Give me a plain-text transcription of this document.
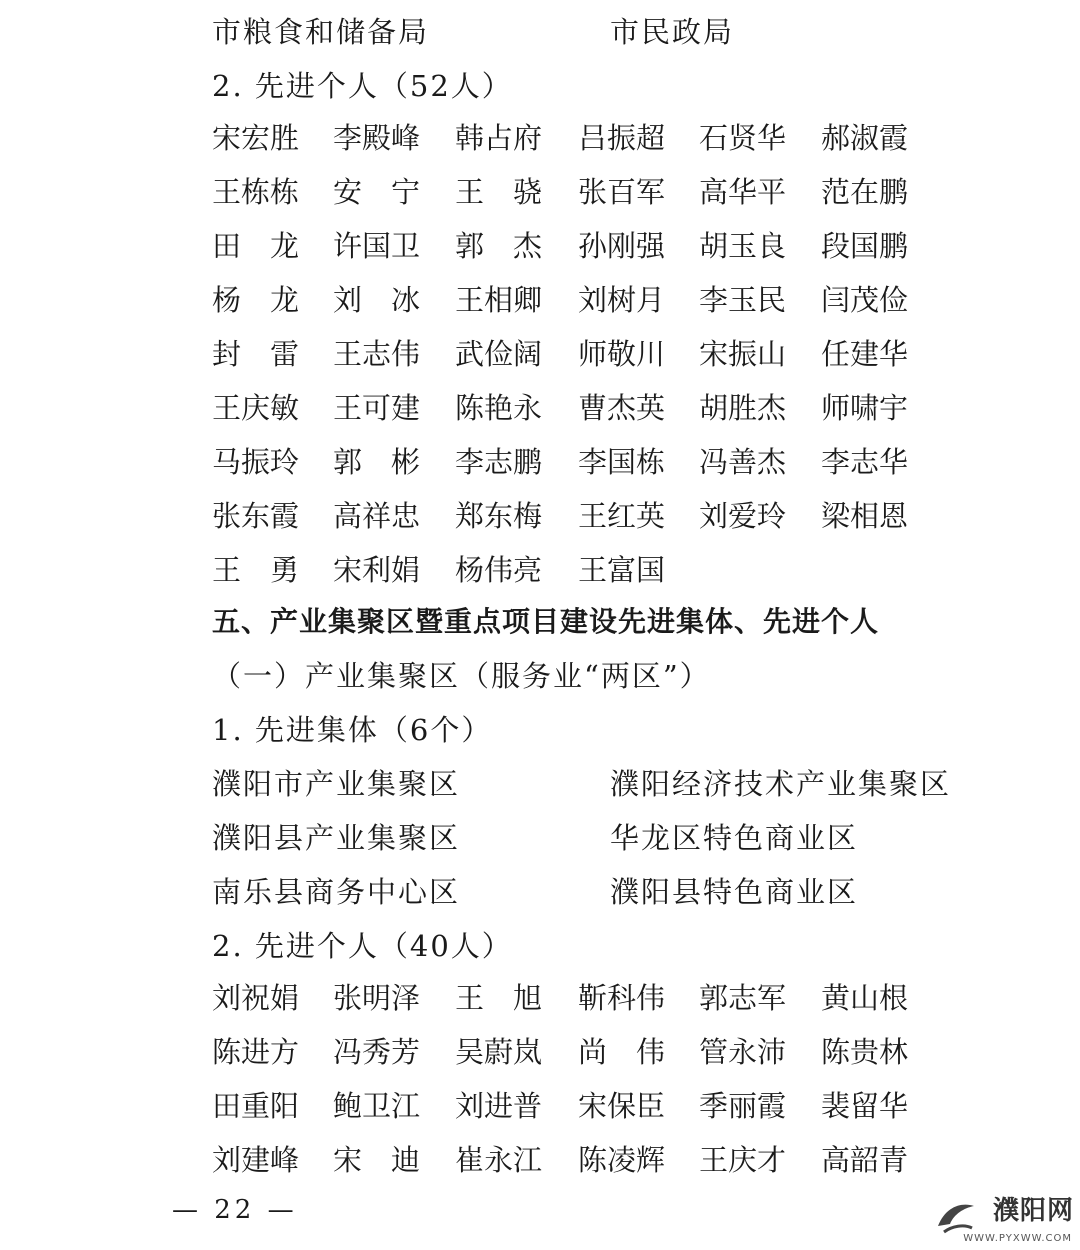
市粮食和储备局	市民政局
2. 先进个人（52人）
宋宏胜 李殿峰 韩占府 吕振超 石贤华 郝淑霞
王栋栋 安　宁 王　骁 张百军 高华平 范在鹏
田　龙 许国卫 郭　杰 孙刚强 胡玉良 段国鹏
杨　龙 刘　冰 王相卿 刘树月 李玉民 闫茂俭
封　雷 王志伟 武俭阔 师敬川 宋振山 任建华
王庆敏 王可建 陈艳永 曹杰英 胡胜杰 师啸宇
马振玲 郭　彬 李志鹏 李国栋 冯善杰 李志华
张东霞 高祥忠 郑东梅 王红英 刘爱玲 梁相恩
王　勇 宋利娟 杨伟亮 王富国
五、产业集聚区暨重点项目建设先进集体、先进个人
（一）产业集聚区（服务业“两区”）
1. 先进集体（6个）
濮阳市产业集聚区	濮阳经济技术产业集聚区
濮阳县产业集聚区	华龙区特色商业区
南乐县商务中心区	濮阳县特色商业区
2. 先进个人（40人）
刘祝娟 张明泽 王　旭 靳科伟 郭志军 黄山根
陈进方 冯秀芳 吴蔚岚 尚　伟 管永沛 陈贵林
田重阳 鲍卫江 刘进普 宋保臣 季丽霞 裴留华
刘建峰 宋　迪 崔永江 陈凌辉 王庆才 高韶青
— 22 —	濮阳网
WWW.PYXWW.COM
